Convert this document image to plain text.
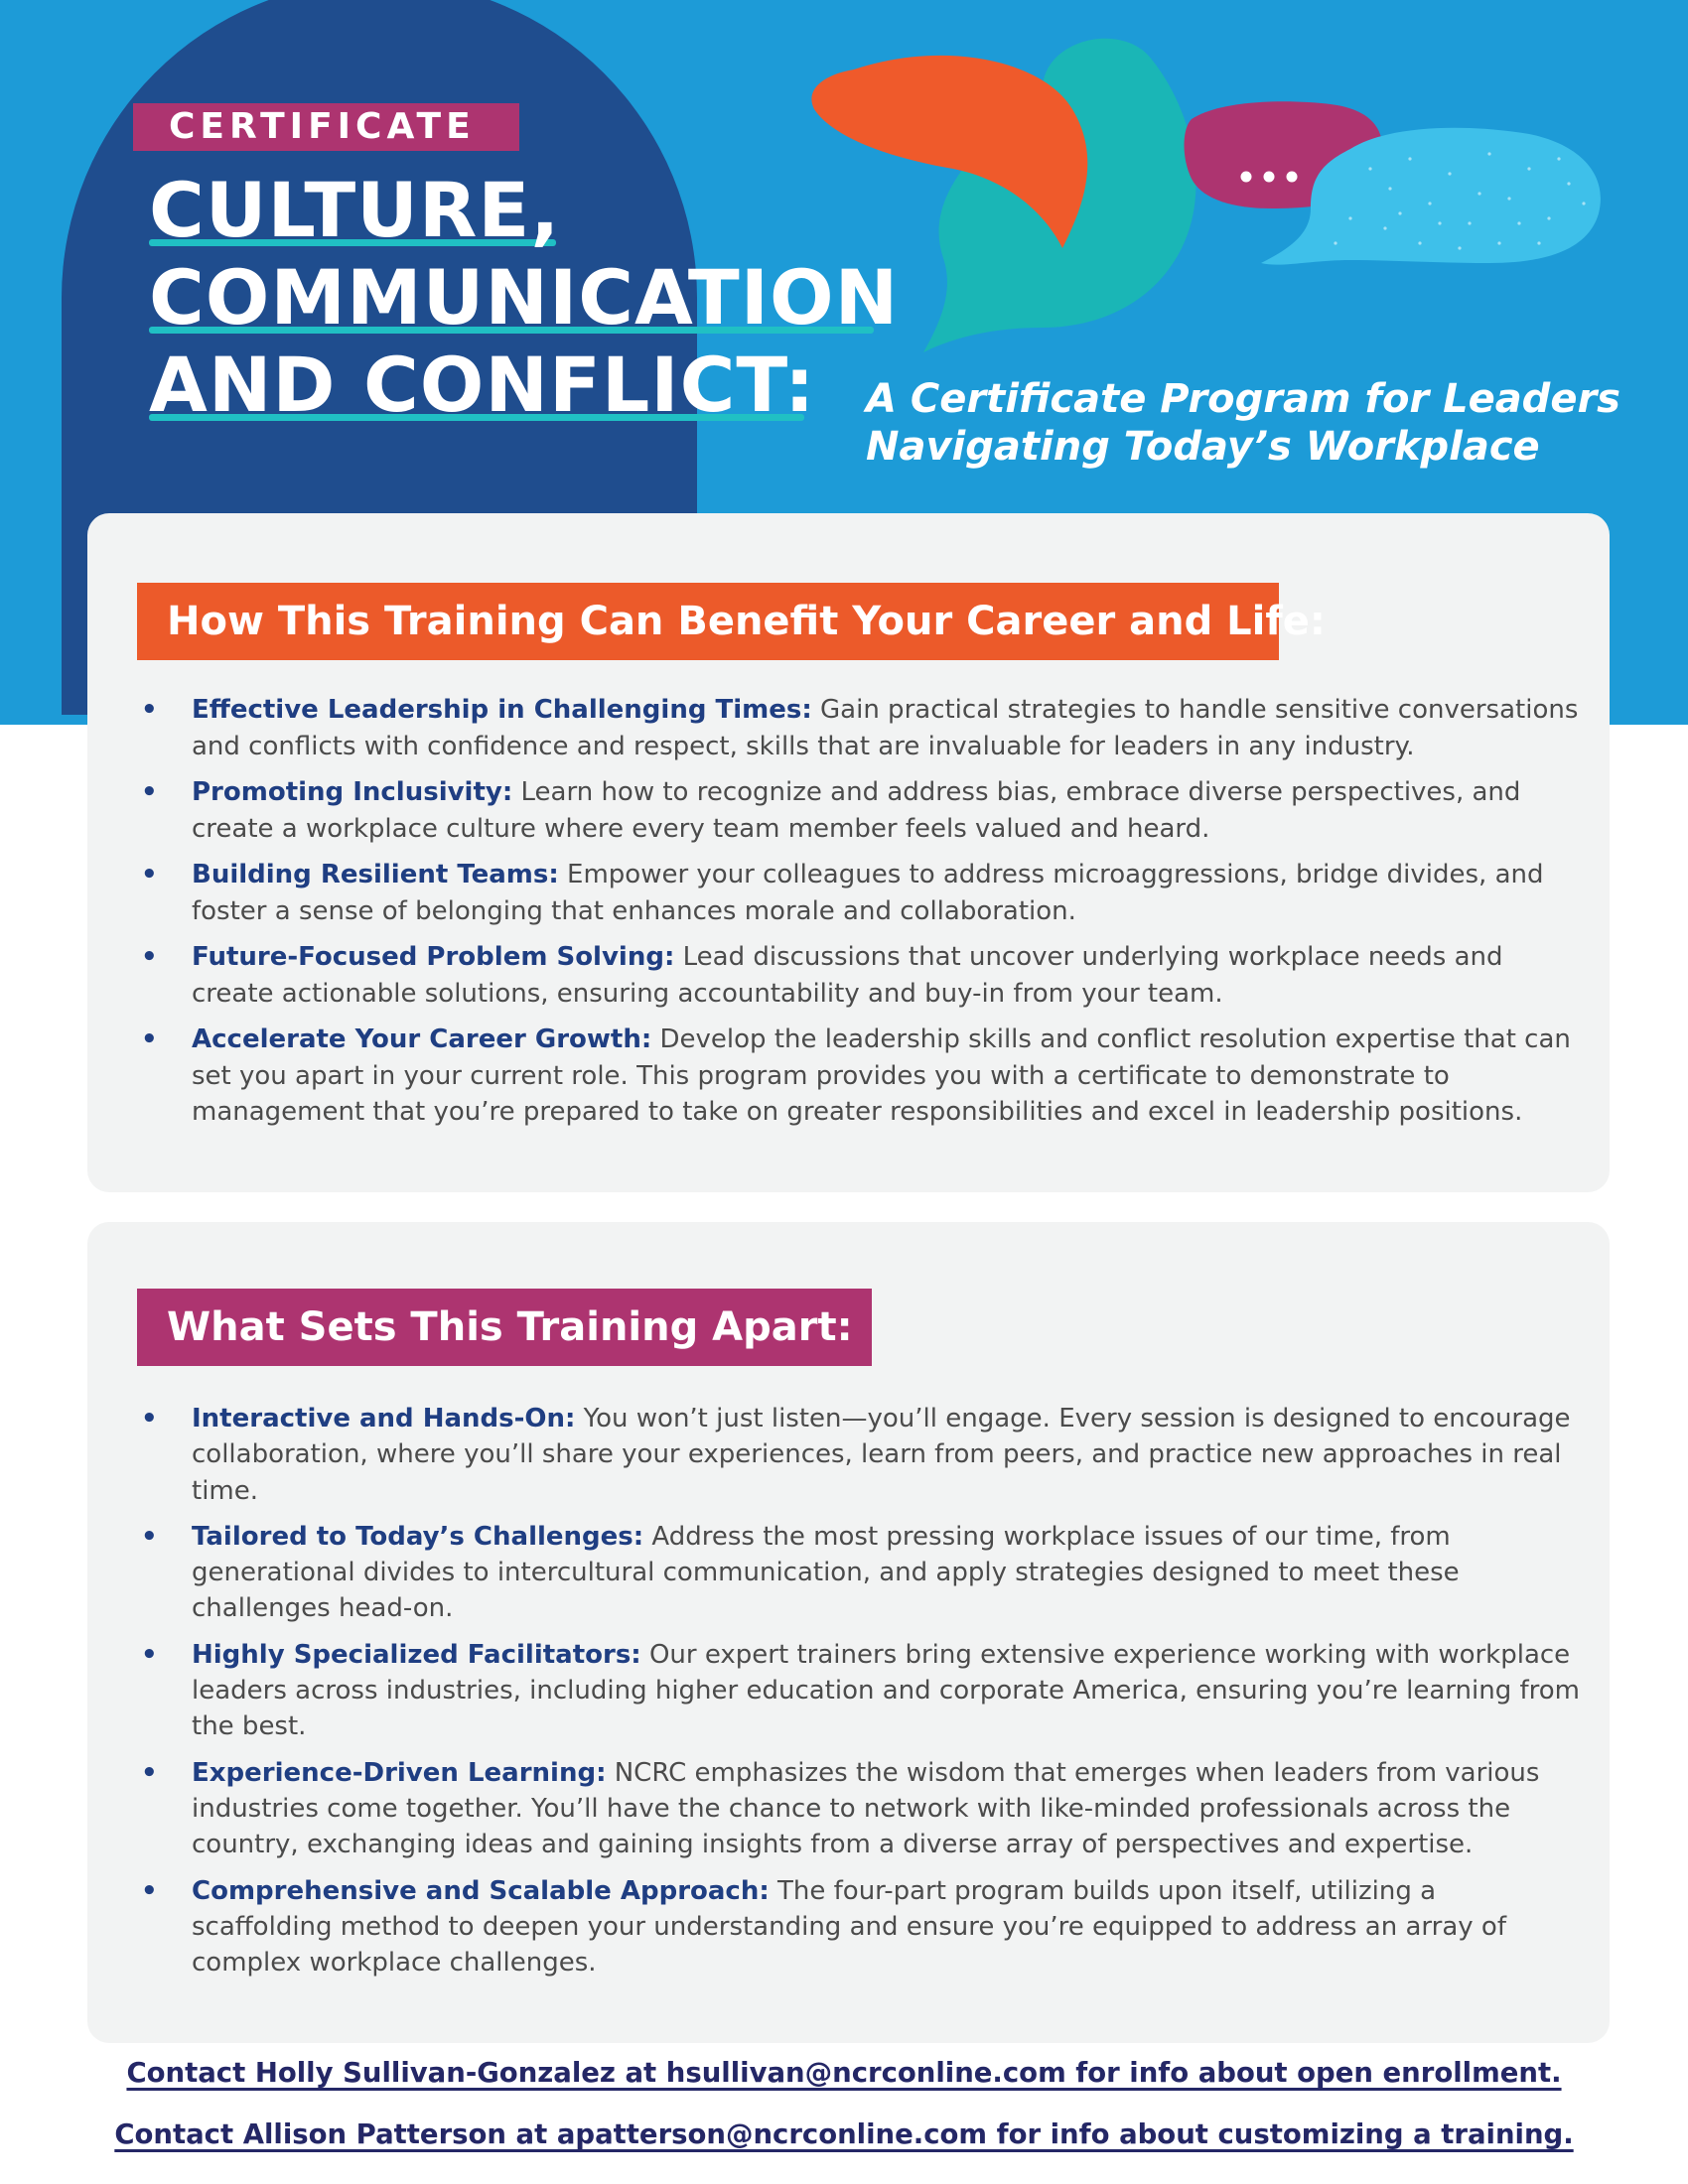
CERTIFICATE
CULTURE,
COMMUNICATION
AND CONFLICT:	A Certificate Program for Leaders
Navigating Today’s Workplace

How This Training Can Benefit Your Career and Life:
• Effective Leadership in Challenging Times: Gain practical strategies to handle sensitive conversations and conflicts with confidence and respect, skills that are invaluable for leaders in any industry.
• Promoting Inclusivity: Learn how to recognize and address bias, embrace diverse perspectives, and create a workplace culture where every team member feels valued and heard.
• Building Resilient Teams: Empower your colleagues to address microaggressions, bridge divides, and foster a sense of belonging that enhances morale and collaboration.
• Future-Focused Problem Solving: Lead discussions that uncover underlying workplace needs and create actionable solutions, ensuring accountability and buy-in from your team.
• Accelerate Your Career Growth: Develop the leadership skills and conflict resolution expertise that can set you apart in your current role. This program provides you with a certificate to demonstrate to management that you’re prepared to take on greater responsibilities and excel in leadership positions.
What Sets This Training Apart:
• Interactive and Hands-On: You won’t just listen—you’ll engage. Every session is designed to encourage collaboration, where you’ll share your experiences, learn from peers, and practice new approaches in real time.
• Tailored to Today’s Challenges: Address the most pressing workplace issues of our time, from generational divides to intercultural communication, and apply strategies designed to meet these challenges head-on.
• Highly Specialized Facilitators: Our expert trainers bring extensive experience working with workplace leaders across industries, including higher education and corporate America, ensuring you’re learning from the best.
• Experience-Driven Learning: NCRC emphasizes the wisdom that emerges when leaders from various industries come together. You’ll have the chance to network with like-minded professionals across the country, exchanging ideas and gaining insights from a diverse array of perspectives and expertise.
• Comprehensive and Scalable Approach: The four-part program builds upon itself, utilizing a scaffolding method to deepen your understanding and ensure you’re equipped to address an array of complex workplace challenges.

Contact Holly Sullivan-Gonzalez at hsullivan@ncrconline.com for info about open enrollment.

Contact Allison Patterson at apatterson@ncrconline.com for info about customizing a training.
